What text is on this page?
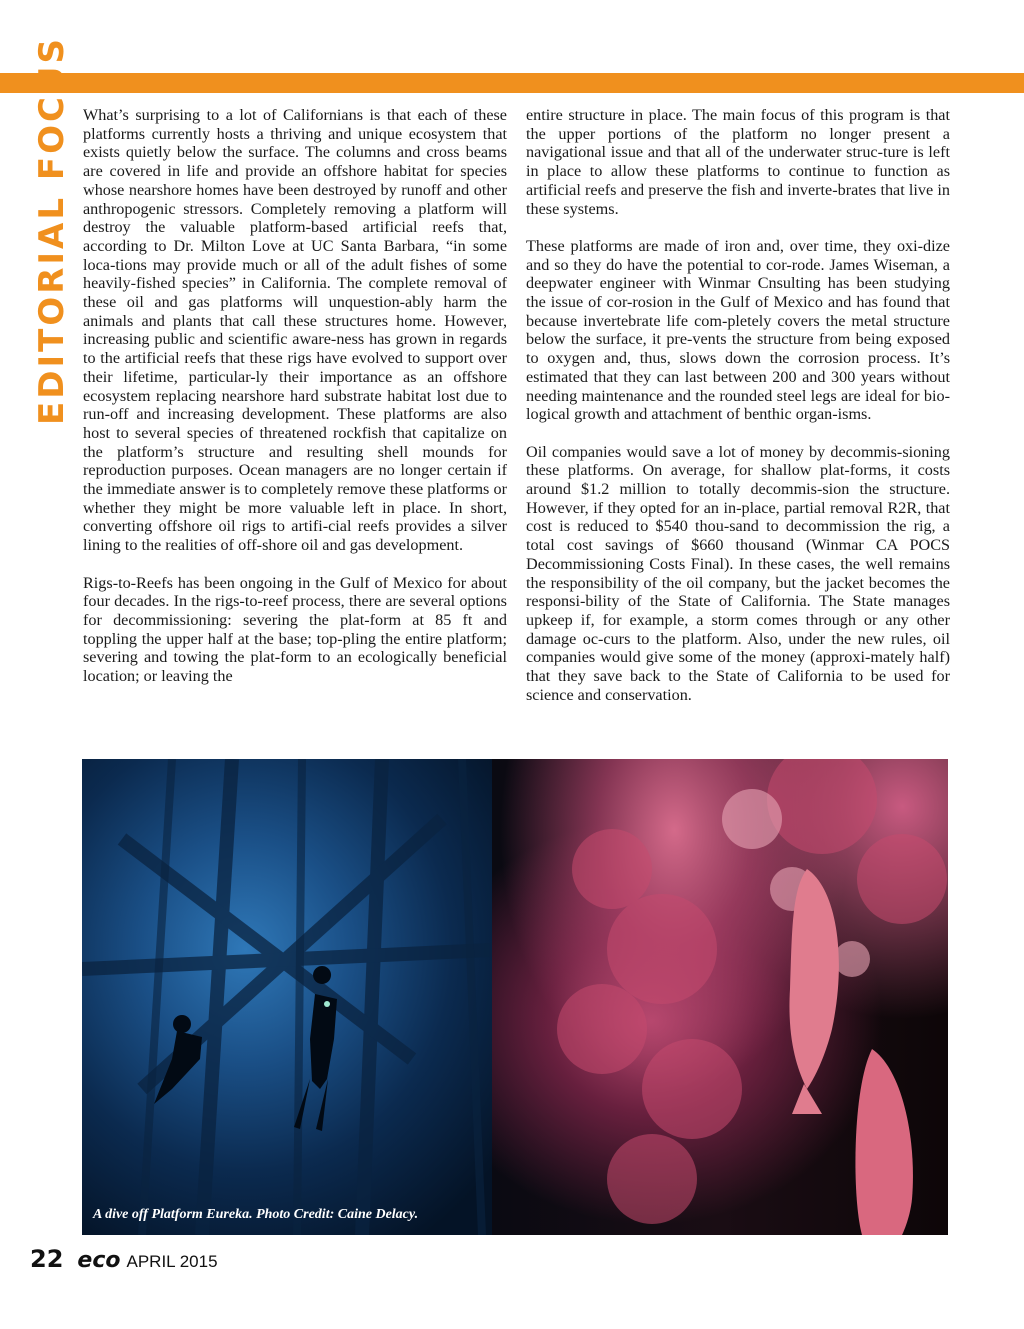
EDITORIAL FOCUS What’s surprising to a lot of Californians is that each of these platforms currently hosts a thriving and unique ecosystem that exists quietly below the surface. The columns and cross beams are covered in life and provide an offshore habitat for species whose nearshore homes have been destroyed by runoff and other anthropogenic stressors. Completely removing a platform will destroy the valuable platform-based artificial reefs that, according to Dr. Milton Love at UC Santa Barbara, “in some loca-tions may provide much or all of the adult fishes of some heavily-fished species” in California. The complete removal of these oil and gas platforms will unquestion-ably harm the animals and plants that call these structures home. However, increasing public and scientific aware-ness has grown in regards to the artificial reefs that these rigs have evolved to support over their lifetime, particular-ly their importance as an offshore ecosystem replacing nearshore hard substrate habitat lost due to run-off and increasing development. These platforms are also host to several species of threatened rockfish that capitalize on the platform’s structure and resulting shell mounds for reproduction purposes. Ocean managers are no longer certain if the immediate answer is to completely remove these platforms or whether they might be more valuable left in place. In short, converting offshore oil rigs to artifi-cial reefs provides a silver lining to the realities of off-shore oil and gas development.

Rigs-to-Reefs has been ongoing in the Gulf of Mexico for about four decades. In the rigs-to-reef process, there are several options for decommissioning: severing the plat-form at 85 ft and toppling the upper half at the base; top-pling the entire platform; severing and towing the plat-form to an ecologically beneficial location; or leaving the

entire structure in place. The main focus of this program is that the upper portions of the platform no longer present a navigational issue and that all of the underwater struc-ture is left in place to allow these platforms to continue to function as artificial reefs and preserve the fish and inverte-brates that live in these systems.

These platforms are made of iron and, over time, they oxi-dize and so they do have the potential to cor-rode. James Wiseman, a deepwater engineer with Winmar Cnsulting has been studying the issue of cor-rosion in the Gulf of Mexico and has found that because invertebrate life com-pletely covers the metal structure below the surface, it pre-vents the structure from being exposed to oxygen and, thus, slows down the corrosion process. It’s estimated that they can last between 200 and 300 years without needing maintenance and the rounded steel legs are ideal for bio-logical growth and attachment of benthic organ-isms.

Oil companies would save a lot of money by decommis-sioning these platforms. On average, for shallow plat-forms, it costs around $1.2 million to totally decommis-sion the structure. However, if they opted for an in-place, partial removal R2R, that cost is reduced to $540 thou-sand to decommission the rig, a total cost savings of $660 thousand (Winmar CA POCS Decommissioning Costs Final). In these cases, the well remains the responsibility of the oil company, but the jacket becomes the responsi-bility of the State of California. The State manages upkeep if, for example, a storm comes through or any other damage oc-curs to the platform. Also, under the new rules, oil companies would give some of the money (approxi-mately half) that they save back to the State of California to be used for science and conservation.

A dive off Platform Eureka. Photo Credit: Caine Delacy.
22 eco APRIL 2015
